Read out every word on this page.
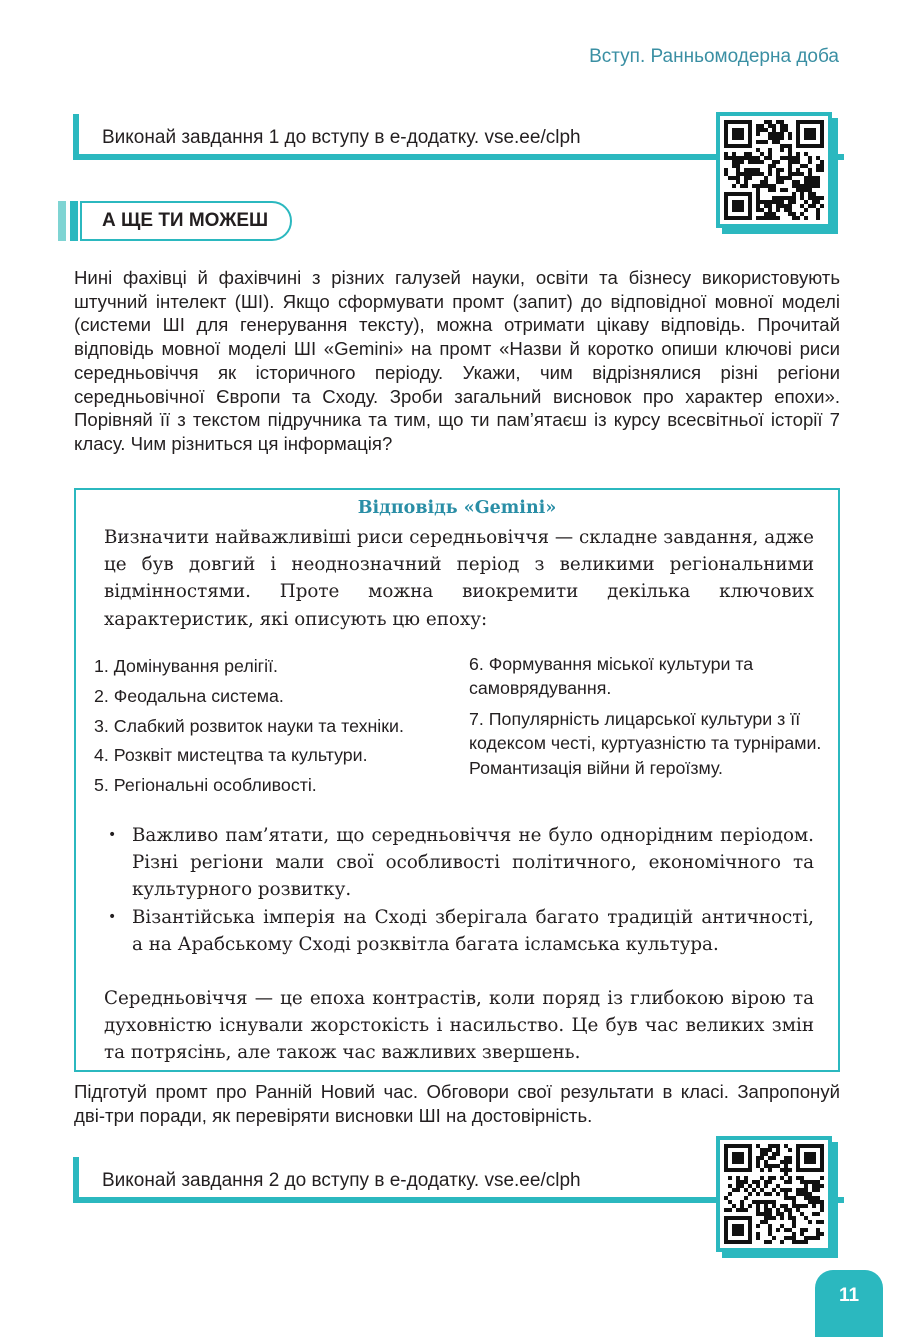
Вступ. Ранньомодерна доба
Виконай завдання 1 до вступу в е-додатку. vse.ee/clph
А ЩЕ ТИ МОЖЕШ

Нині фахівці й фахівчині з різних галузей науки, освіти та бізнесу використовують штучний інтелект (ШІ). Якщо сформувати промт (запит) до відповідної мовної моделі (системи ШІ для генерування тексту), можна отримати цікаву відповідь. Прочитай відповідь мовної моделі ШІ «Gemini» на промт «Назви й коротко опиши ключові риси середньовіччя як історичного періоду. Укажи, чим відрізнялися різні регіони середньовічної Європи та Сходу. Зроби загальний висновок про характер епохи». Порівняй її з текстом підручника та тим, що ти пам’ятаєш із курсу всесвітньої історії 7 класу. Чим різниться ця інформація?

Відповідь «Gemini»

Визначити найважливіші риси середньовіччя — складне завдання, адже це був довгий і неоднозначний період з великими регіональними відмінностями. Проте можна виокремити декілька ключових характеристик, які описують цю епоху:

1. Домінування релігії.
2. Феодальна система.
3. Слабкий розвиток науки та техніки.
4. Розквіт мистецтва та культури.
5. Регіональні особливості.
6. Формування міської культури та самоврядування.
7. Популярність лицарської культури з її кодексом честі, куртуазністю та турнірами. Романтизація війни й героїзму.
• Важливо пам’ятати, що середньовіччя не було однорідним періодом. Різні регіони мали свої особливості політичного, економічного та культурного розвитку.
• Візантійська імперія на Сході зберігала багато традицій античності, а на Арабському Сході розквітла багата ісламська культура.

Середньовіччя — це епоха контрастів, коли поряд із глибокою вірою та духовністю існували жорстокість і насильство. Це був час великих змін та потрясінь, але також час важливих звершень.

Підготуй промт про Ранній Новий час. Обговори свої результати в класі. Запропонуй дві-три поради, як перевіряти висновки ШІ на достовірність.

Виконай завдання 2 до вступу в е-додатку. vse.ee/clph
11
